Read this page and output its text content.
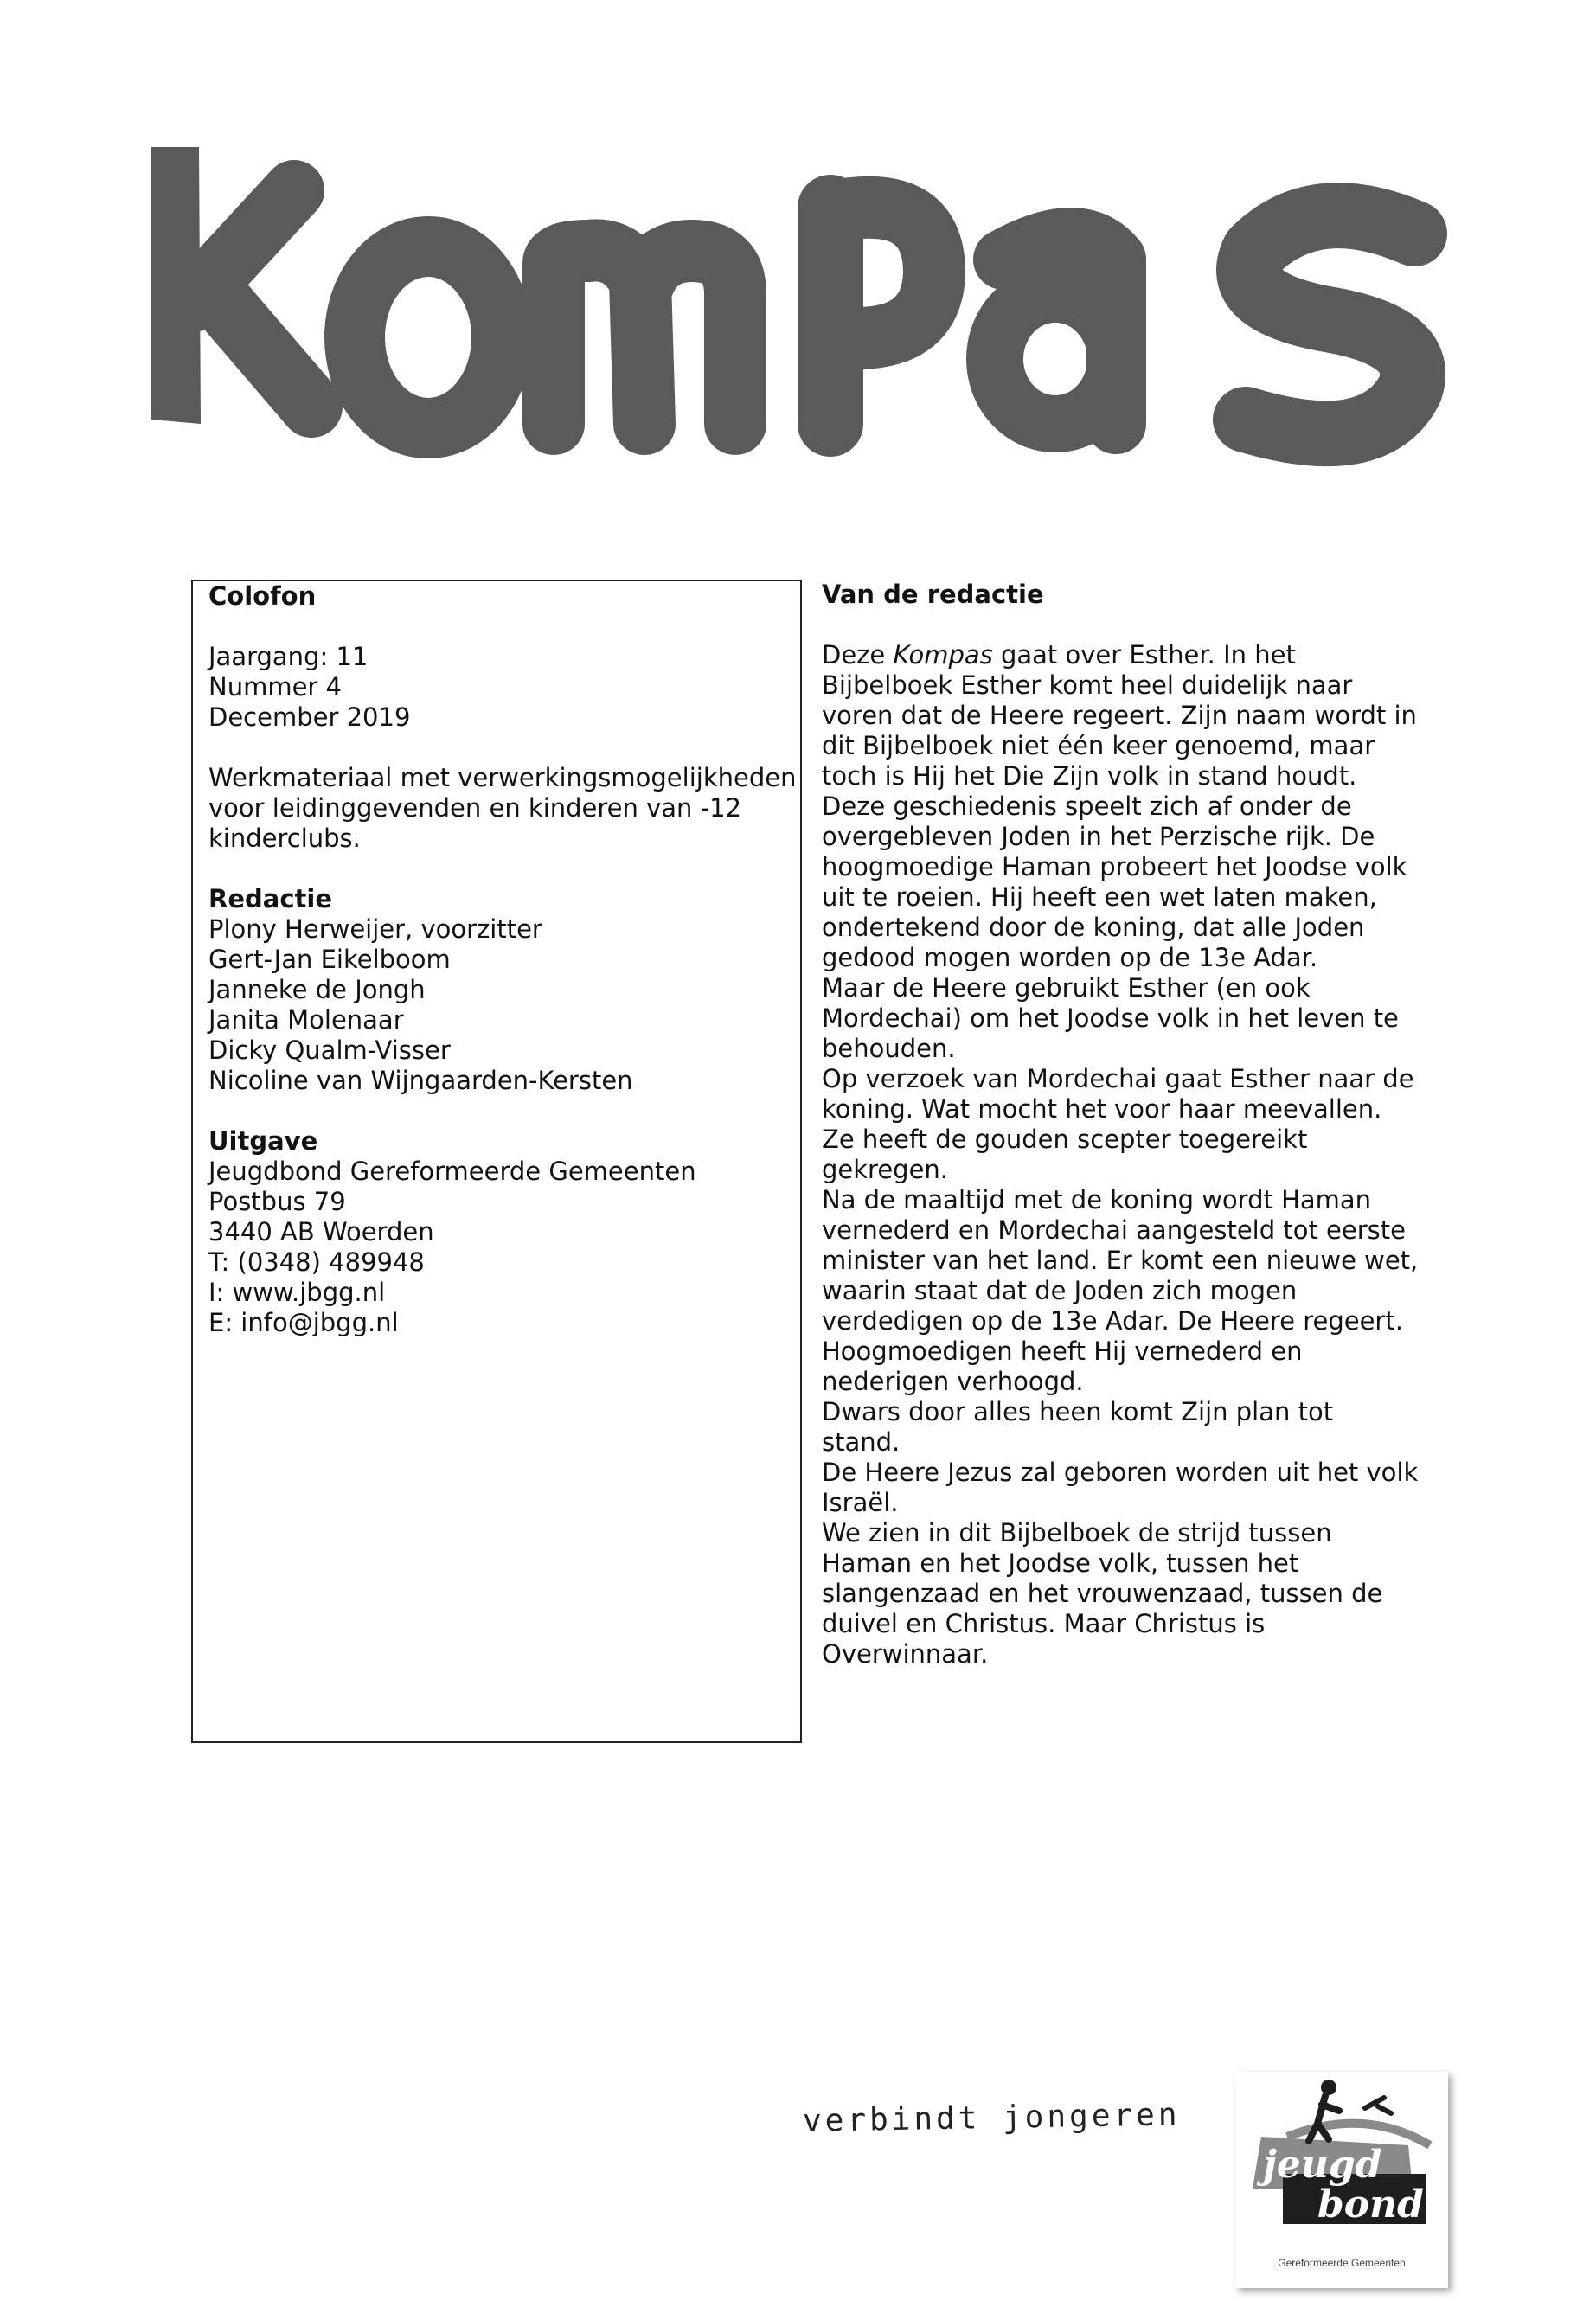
Colofon
Jaargang: 11
Nummer 4
December 2019
Werkmateriaal met verwerkingsmogelijkheden
voor leidinggevenden en kinderen van -12
kinderclubs.
Redactie
Plony Herweijer, voorzitter
Gert-Jan Eikelboom
Janneke de Jongh
Janita Molenaar
Dicky Qualm-Visser
Nicoline van Wijngaarden-Kersten
Uitgave
Jeugdbond Gereformeerde Gemeenten
Postbus 79
3440 AB Woerden
T: (0348) 489948
I: www.jbgg.nl
E: info@jbgg.nl
Van de redactie

Deze Kompas gaat over Esther. In het Bijbelboek Esther komt heel duidelijk naar voren dat de Heere regeert. Zijn naam wordt in dit Bijbelboek niet één keer genoemd, maar toch is Hij het Die Zijn volk in stand houdt. Deze geschiedenis speelt zich af onder de overgebleven Joden in het Perzische rijk. De hoogmoedige Haman probeert het Joodse volk uit te roeien. Hij heeft een wet laten maken, ondertekend door de koning, dat alle Joden gedood mogen worden op de 13e Adar.

Maar de Heere gebruikt Esther (en ook Mordechai) om het Joodse volk in het leven te behouden.

Op verzoek van Mordechai gaat Esther naar de koning. Wat mocht het voor haar meevallen.

Ze heeft de gouden scepter toegereikt gekregen.

Na de maaltijd met de koning wordt Haman vernederd en Mordechai aangesteld tot eerste minister van het land. Er komt een nieuwe wet, waarin staat dat de Joden zich mogen verdedigen op de 13e Adar. De Heere regeert. Hoogmoedigen heeft Hij vernederd en nederigen verhoogd.

Dwars door alles heen komt Zijn plan tot stand.

De Heere Jezus zal geboren worden uit het volk Israël.

We zien in dit Bijbelboek de strijd tussen Haman en het Joodse volk, tussen het slangenzaad en het vrouwenzaad, tussen de duivel en Christus. Maar Christus is Overwinnaar.

verbindt jongeren
jeugd
bond
Gereformeerde Gemeenten
